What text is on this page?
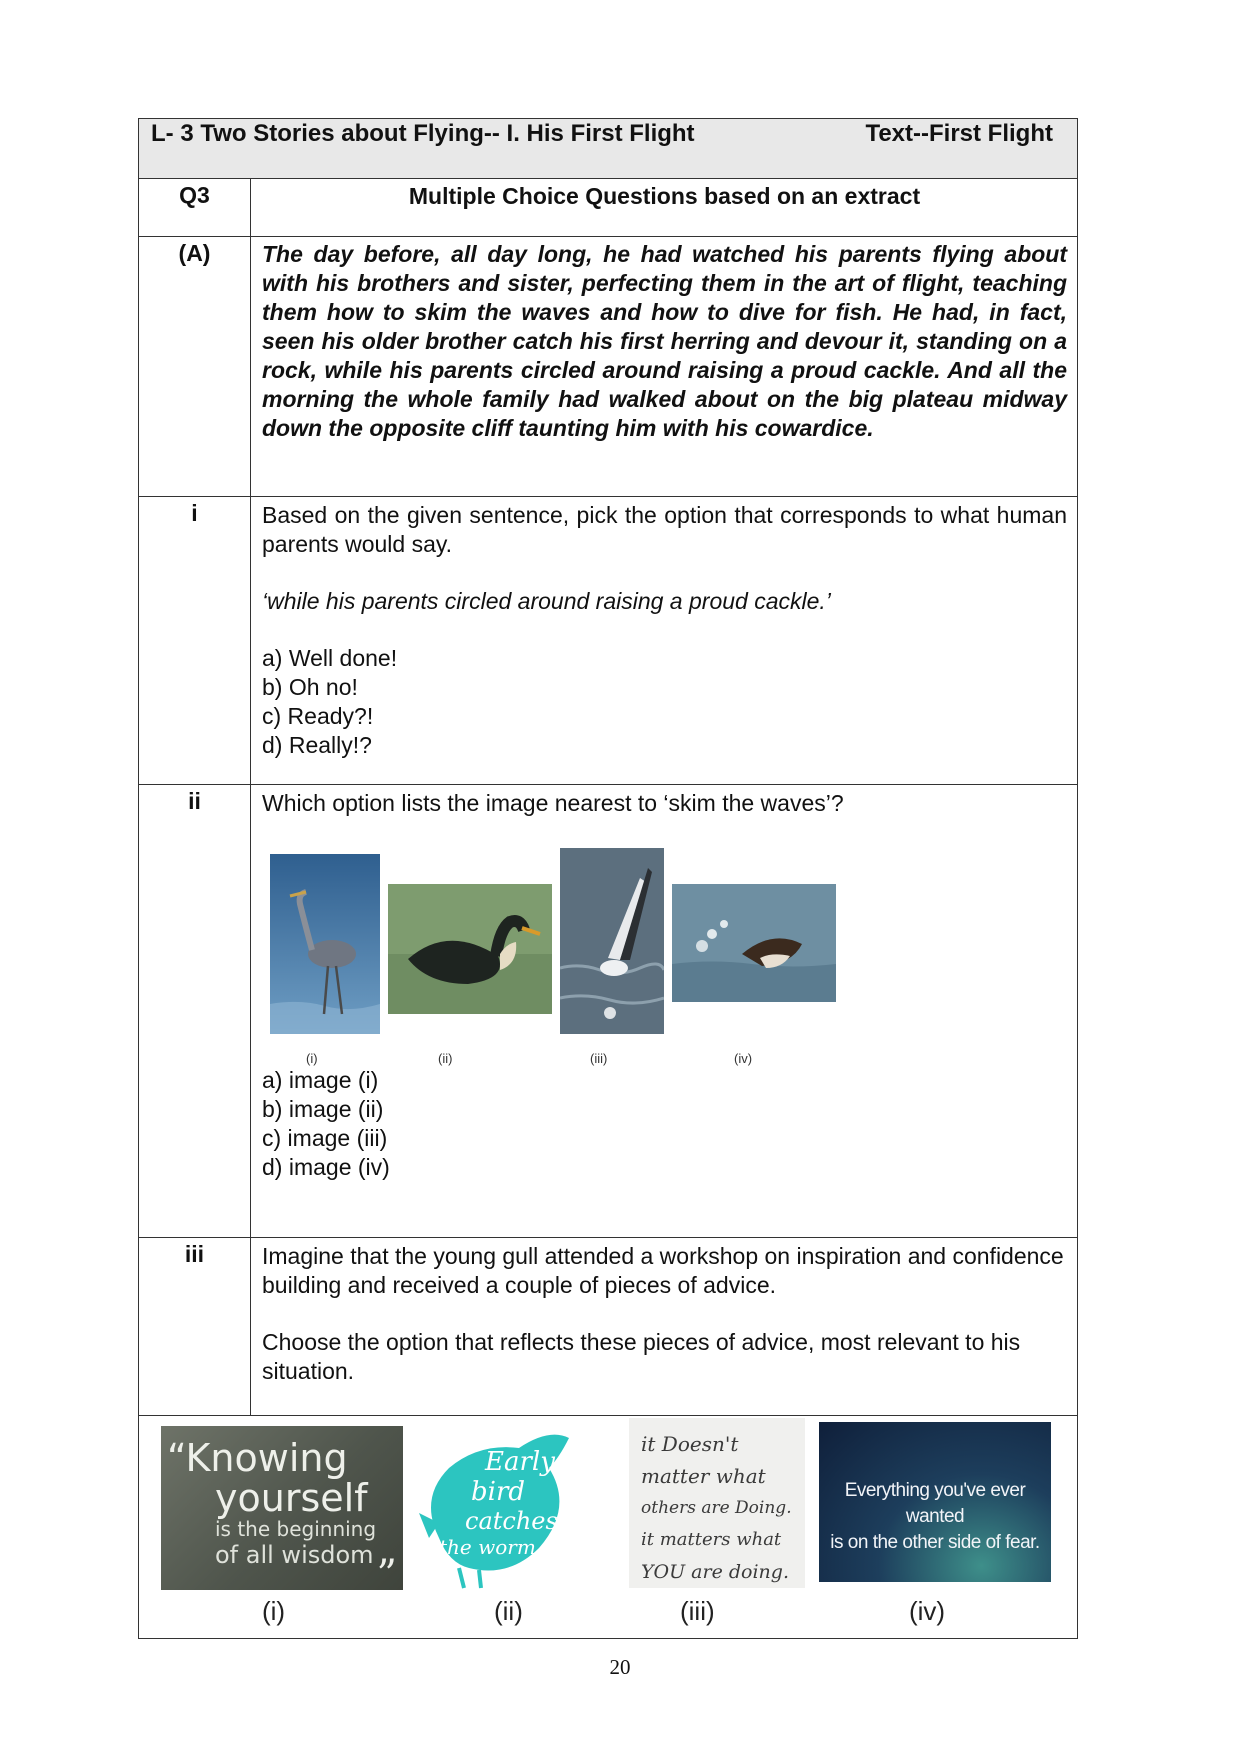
L- 3 Two Stories about Flying-- I. His First Flight	Text--First Flight
Q3	Multiple Choice Questions based on an extract
(A)	The day before, all day long, he had watched his parents flying about with his brothers and sister, perfecting them in the art of flight, teaching them how to skim the waves and how to dive for fish. He had, in fact, seen his older brother catch his first herring and devour it, standing on a rock, while his parents circled around raising a proud cackle. And all the morning the whole family had walked about on the big plateau midway down the opposite cliff taunting him with his cowardice.
i	Based on the given sentence, pick the option that corresponds to what human parents would say.

‘while his parents circled around raising a proud cackle.’

a) Well done!

b) Oh no!

c) Ready?!

d) Really!?

ii	Which option lists the image nearest to ‘skim the waves’?

(i)	(ii)	(iii)	(iv)

a) image (i)

b) image (ii)

c) image (iii)

d) image (iv)

iii	Imagine that the young gull attended a workshop on inspiration and confidence building and received a couple of pieces of advice.

Choose the option that reflects these pieces of advice, most relevant to his situation.

“Knowing
yourself
is the beginning
of all wisdom ”
the
Early
bird
catches
the worm
it Doesn't
matter what
others are Doing.
it matters what
YOU are doing.
Everything you've ever wanted
is on the other side of fear.
(i)	(ii)	(iii)	(iv)
20
